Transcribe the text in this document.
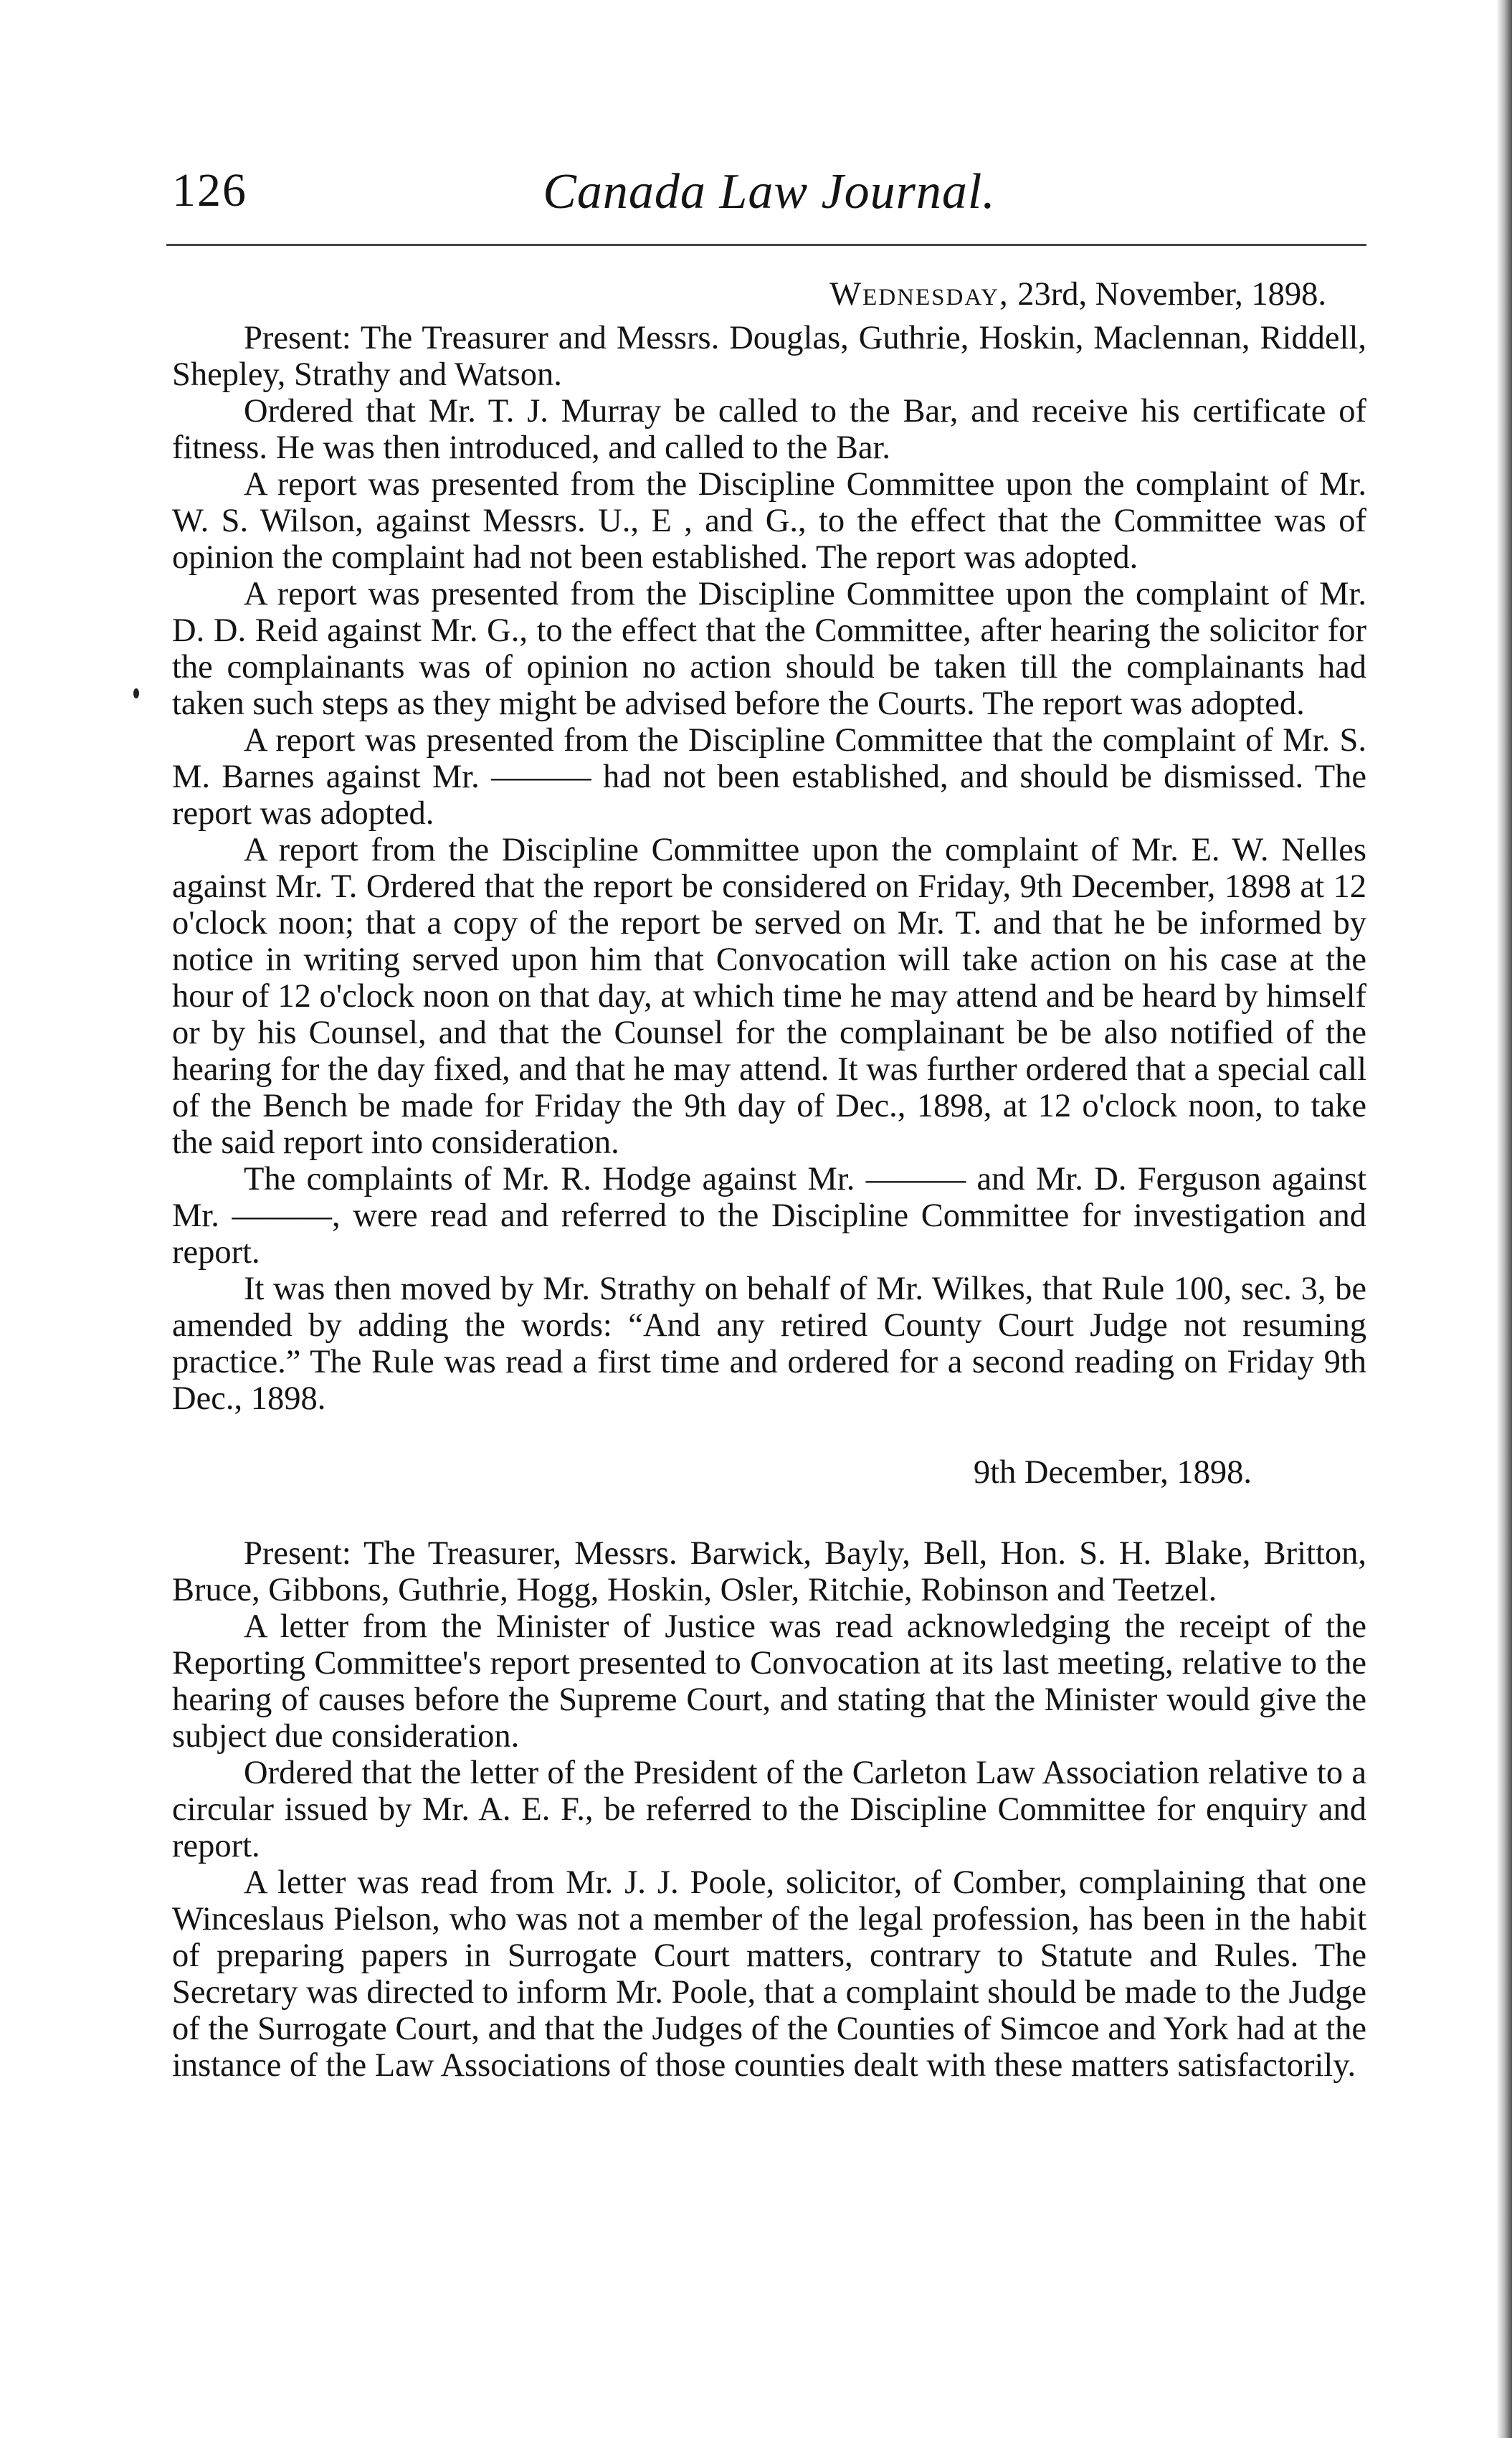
126	Canada Law Journal.
Wednesday, 23rd, November, 1898.

Present: The Treasurer and Messrs. Douglas, Guthrie, Hoskin, Maclennan, Riddell, Shepley, Strathy and Watson.

Ordered that Mr. T. J. Murray be called to the Bar, and receive his certificate of fitness. He was then introduced, and called to the Bar.

A report was presented from the Discipline Committee upon the complaint of Mr. W. S. Wilson, against Messrs. U., E , and G., to the effect that the Committee was of opinion the complaint had not been established. The report was adopted.

A report was presented from the Discipline Committee upon the complaint of Mr. D. D. Reid against Mr. G., to the effect that the Committee, after hearing the solicitor for the complainants was of opinion no action should be taken till the complainants had taken such steps as they might be advised before the Courts. The report was adopted.

A report was presented from the Discipline Committee that the complaint of Mr. S. M. Barnes against Mr. ——— had not been established, and should be dismissed. The report was adopted.

A report from the Discipline Committee upon the complaint of Mr. E. W. Nelles against Mr. T. Ordered that the report be considered on Friday, 9th December, 1898 at 12 o'clock noon; that a copy of the report be served on Mr. T. and that he be informed by notice in writing served upon him that Convocation will take action on his case at the hour of 12 o'clock noon on that day, at which time he may attend and be heard by himself or by his Counsel, and that the Counsel for the complainant be be also notified of the hearing for the day fixed, and that he may attend. It was further ordered that a special call of the Bench be made for Friday the 9th day of Dec., 1898, at 12 o'clock noon, to take the said report into consideration.

The complaints of Mr. R. Hodge against Mr. ——— and Mr. D. Ferguson against Mr. ———, were read and referred to the Discipline Committee for investigation and report.

It was then moved by Mr. Strathy on behalf of Mr. Wilkes, that Rule 100, sec. 3, be amended by adding the words: “And any retired County Court Judge not resuming practice.” The Rule was read a first time and ordered for a second reading on Friday 9th Dec., 1898.

9th December, 1898.

Present: The Treasurer, Messrs. Barwick, Bayly, Bell, Hon. S. H. Blake, Britton, Bruce, Gibbons, Guthrie, Hogg, Hoskin, Osler, Ritchie, Robinson and Teetzel.

A letter from the Minister of Justice was read acknowledging the receipt of the Reporting Committee's report presented to Convocation at its last meeting, relative to the hearing of causes before the Supreme Court, and stating that the Minister would give the subject due consideration.

Ordered that the letter of the President of the Carleton Law Association relative to a circular issued by Mr. A. E. F., be referred to the Discipline Committee for enquiry and report.

A letter was read from Mr. J. J. Poole, solicitor, of Comber, complaining that one Winceslaus Pielson, who was not a member of the legal profession, has been in the habit of preparing papers in Surrogate Court matters, contrary to Statute and Rules. The Secretary was directed to inform Mr. Poole, that a complaint should be made to the Judge of the Surrogate Court, and that the Judges of the Counties of Simcoe and York had at the instance of the Law Associations of those counties dealt with these matters satisfactorily.
